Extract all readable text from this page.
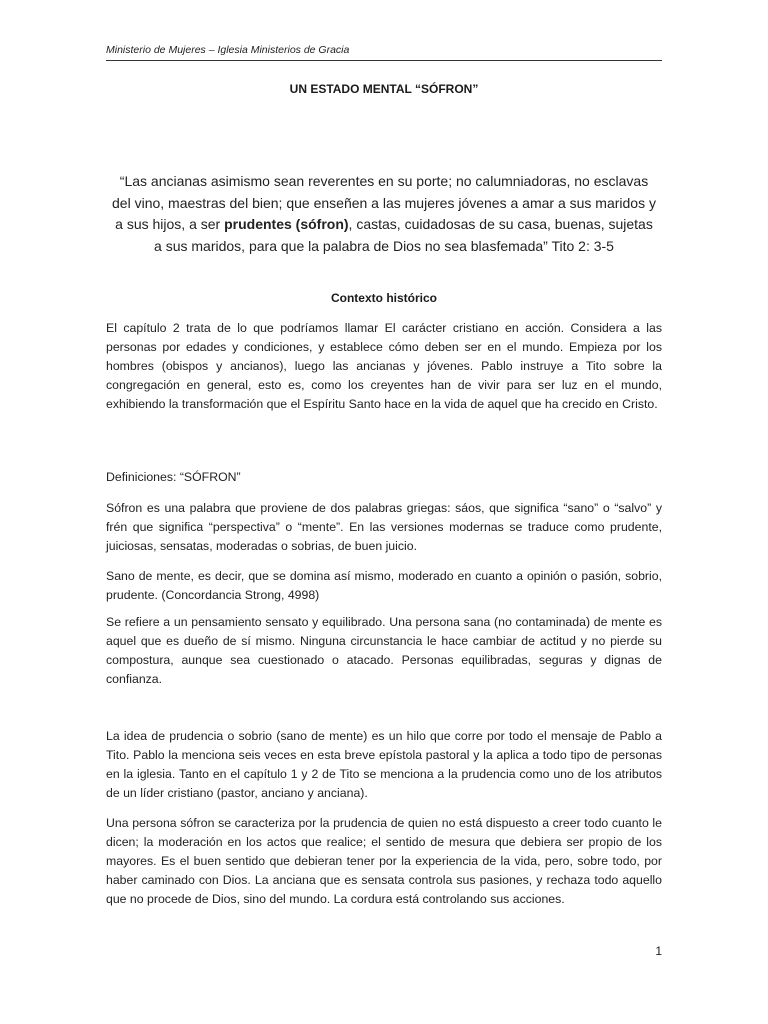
Ministerio de Mujeres – Iglesia Ministerios de Gracia
UN ESTADO MENTAL “SÓFRON”
“Las ancianas asimismo sean reverentes en su porte; no calumniadoras, no esclavas del vino, maestras del bien; que enseñen a las mujeres jóvenes a amar a sus maridos y a sus hijos, a ser prudentes (sófron), castas, cuidadosas de su casa, buenas, sujetas a sus maridos, para que la palabra de Dios no sea blasfemada” Tito 2: 3-5
Contexto histórico

El capítulo 2 trata de lo que podríamos llamar El carácter cristiano en acción. Considera a las personas por edades y condiciones, y establece cómo deben ser en el mundo. Empieza por los hombres (obispos y ancianos), luego las ancianas y jóvenes. Pablo instruye a Tito sobre la congregación en general, esto es, como los creyentes han de vivir para ser luz en el mundo, exhibiendo la transformación que el Espíritu Santo hace en la vida de aquel que ha crecido en Cristo.

Definiciones: “SÓFRON”

Sófron es una palabra que proviene de dos palabras griegas: sáos, que significa “sano” o “salvo” y frén que significa “perspectiva” o “mente”. En las versiones modernas se traduce como prudente, juiciosas, sensatas, moderadas o sobrias, de buen juicio.

Sano de mente, es decir, que se domina así mismo, moderado en cuanto a opinión o pasión, sobrio, prudente. (Concordancia Strong, 4998)

Se refiere a un pensamiento sensato y equilibrado. Una persona sana (no contaminada) de mente es aquel que es dueño de sí mismo. Ninguna circunstancia le hace cambiar de actitud y no pierde su compostura, aunque sea cuestionado o atacado. Personas equilibradas, seguras y dignas de confianza.

La idea de prudencia o sobrio (sano de mente) es un hilo que corre por todo el mensaje de Pablo a Tito. Pablo la menciona seis veces en esta breve epístola pastoral y la aplica a todo tipo de personas en la iglesia. Tanto en el capítulo 1 y 2 de Tito se menciona a la prudencia como uno de los atributos de un líder cristiano (pastor, anciano y anciana).

Una persona sófron se caracteriza por la prudencia de quien no está dispuesto a creer todo cuanto le dicen; la moderación en los actos que realice; el sentido de mesura que debiera ser propio de los mayores. Es el buen sentido que debieran tener por la experiencia de la vida, pero, sobre todo, por haber caminado con Dios. La anciana que es sensata controla sus pasiones, y rechaza todo aquello que no procede de Dios, sino del mundo. La cordura está controlando sus acciones.

1
